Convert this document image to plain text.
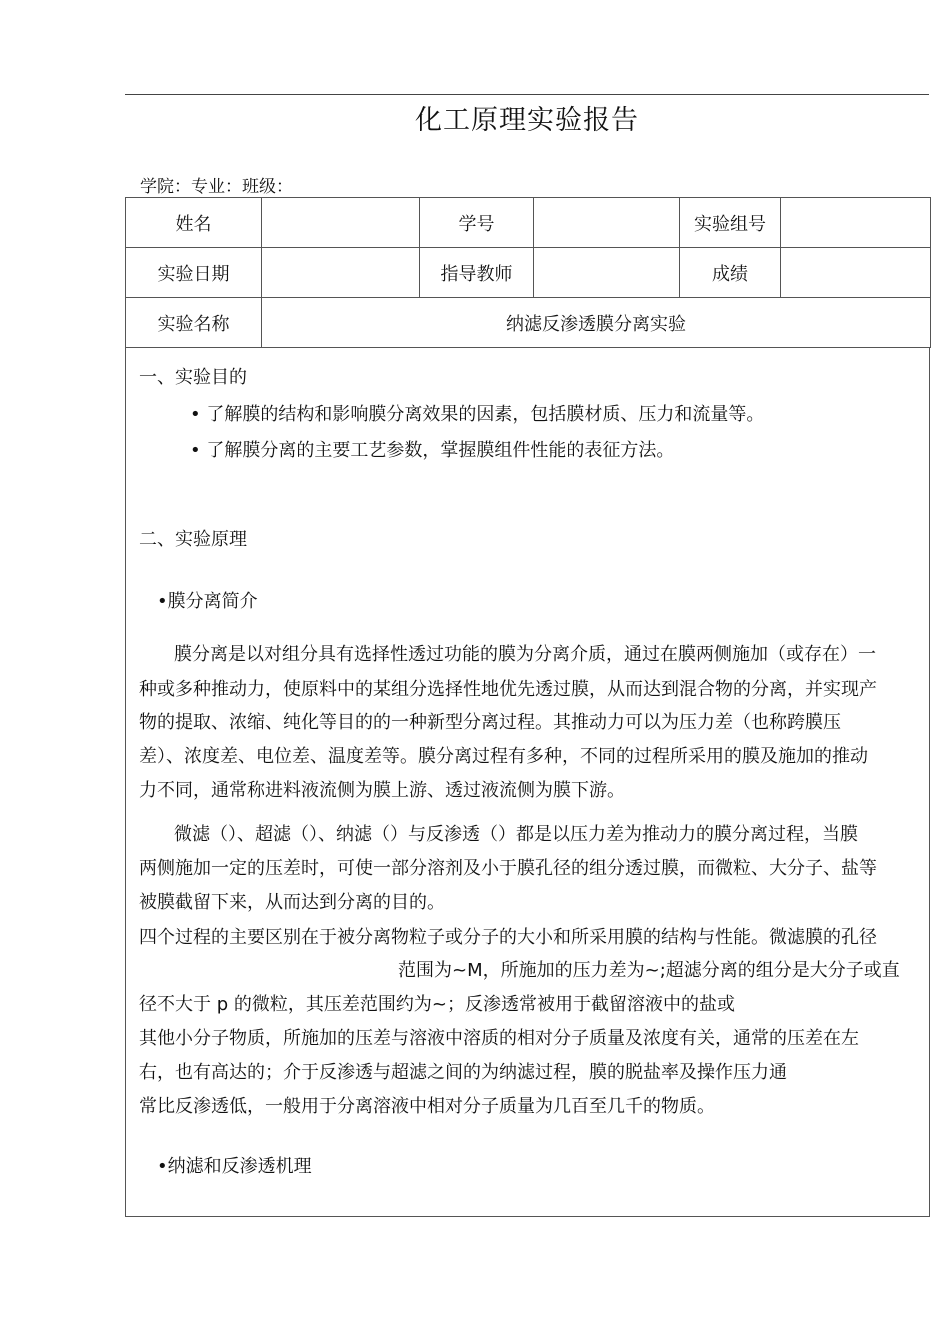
化工原理实验报告
学院：专业：班级：
姓名		学号		实验组号	
实验日期		指导教师		成绩	
实验名称	纳滤反渗透膜分离实验				
一、实验目的
• 了解膜的结构和影响膜分离效果的因素，包括膜材质、压力和流量等。
• 了解膜分离的主要工艺参数，掌握膜组件性能的表征方法。
二、实验原理
•膜分离简介
膜分离是以对组分具有选择性透过功能的膜为分离介质，通过在膜两侧施加（或存在）一
种或多种推动力，使原料中的某组分选择性地优先透过膜，从而达到混合物的分离，并实现产
物的提取、浓缩、纯化等目的的一种新型分离过程。其推动力可以为压力差（也称跨膜压
差）、浓度差、电位差、温度差等。膜分离过程有多种，不同的过程所采用的膜及施加的推动
力不同，通常称进料液流侧为膜上游、透过液流侧为膜下游。
微滤（）、超滤（）、纳滤（）与反渗透（）都是以压力差为推动力的膜分离过程，当膜
两侧施加一定的压差时，可使一部分溶剂及小于膜孔径的组分透过膜，而微粒、大分子、盐等
被膜截留下来，从而达到分离的目的。
四个过程的主要区别在于被分离物粒子或分子的大小和所采用膜的结构与性能。微滤膜的孔径
范围为~M，所施加的压力差为~;超滤分离的组分是大分子或直
径不大于 p 的微粒，其压差范围约为~；反渗透常被用于截留溶液中的盐或
其他小分子物质，所施加的压差与溶液中溶质的相对分子质量及浓度有关，通常的压差在左
右，也有高达的；介于反渗透与超滤之间的为纳滤过程，膜的脱盐率及操作压力通
常比反渗透低，一般用于分离溶液中相对分子质量为几百至几千的物质。
•纳滤和反渗透机理
